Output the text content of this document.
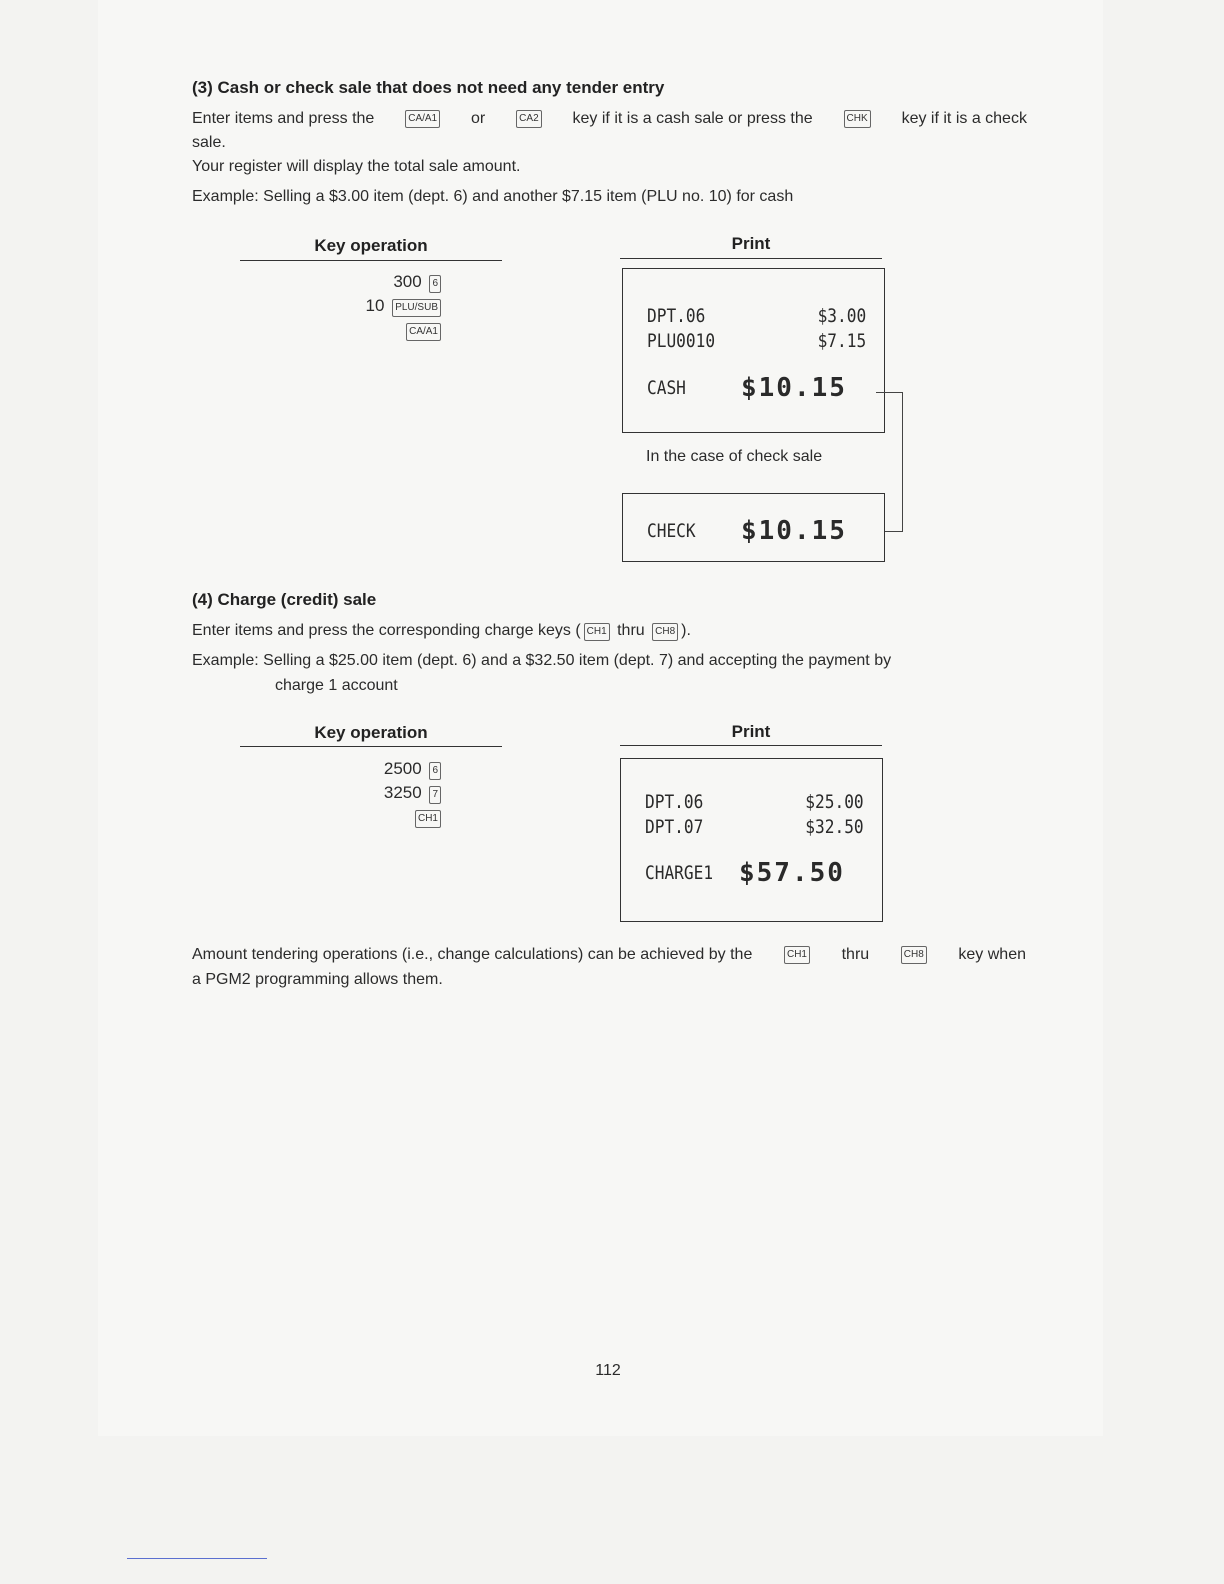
(3) Cash or check sale that does not need any tender entry
Enter items and press the	CA/A1 or	CA2 key if it is a cash sale or press the	CHK key if it is a check
sale.
Your register will display the total sale amount.
Example: Selling a $3.00 item (dept. 6) and another $7.15 item (PLU no. 10) for cash
Key operation	Print
300 6
10 PLU/SUB
CA/A1
DPT.06	$3.00
PLU0010	$7.15
CASH $10.15
In the case of check sale
CHECK $10.15
(4) Charge (credit) sale
Enter items and press the corresponding charge keys ( CH1 thru CH8 ).
Example: Selling a $25.00 item (dept. 6) and a $32.50 item (dept. 7) and accepting the payment by
charge 1 account
Key operation	Print
2500 6
3250 7
CH1
DPT.06	$25.00
DPT.07	$32.50
CHARGE1 $57.50
Amount tendering operations (i.e., change calculations) can be achieved by the	CH1 thru	CH8 key when
a PGM2 programming allows them.
112
